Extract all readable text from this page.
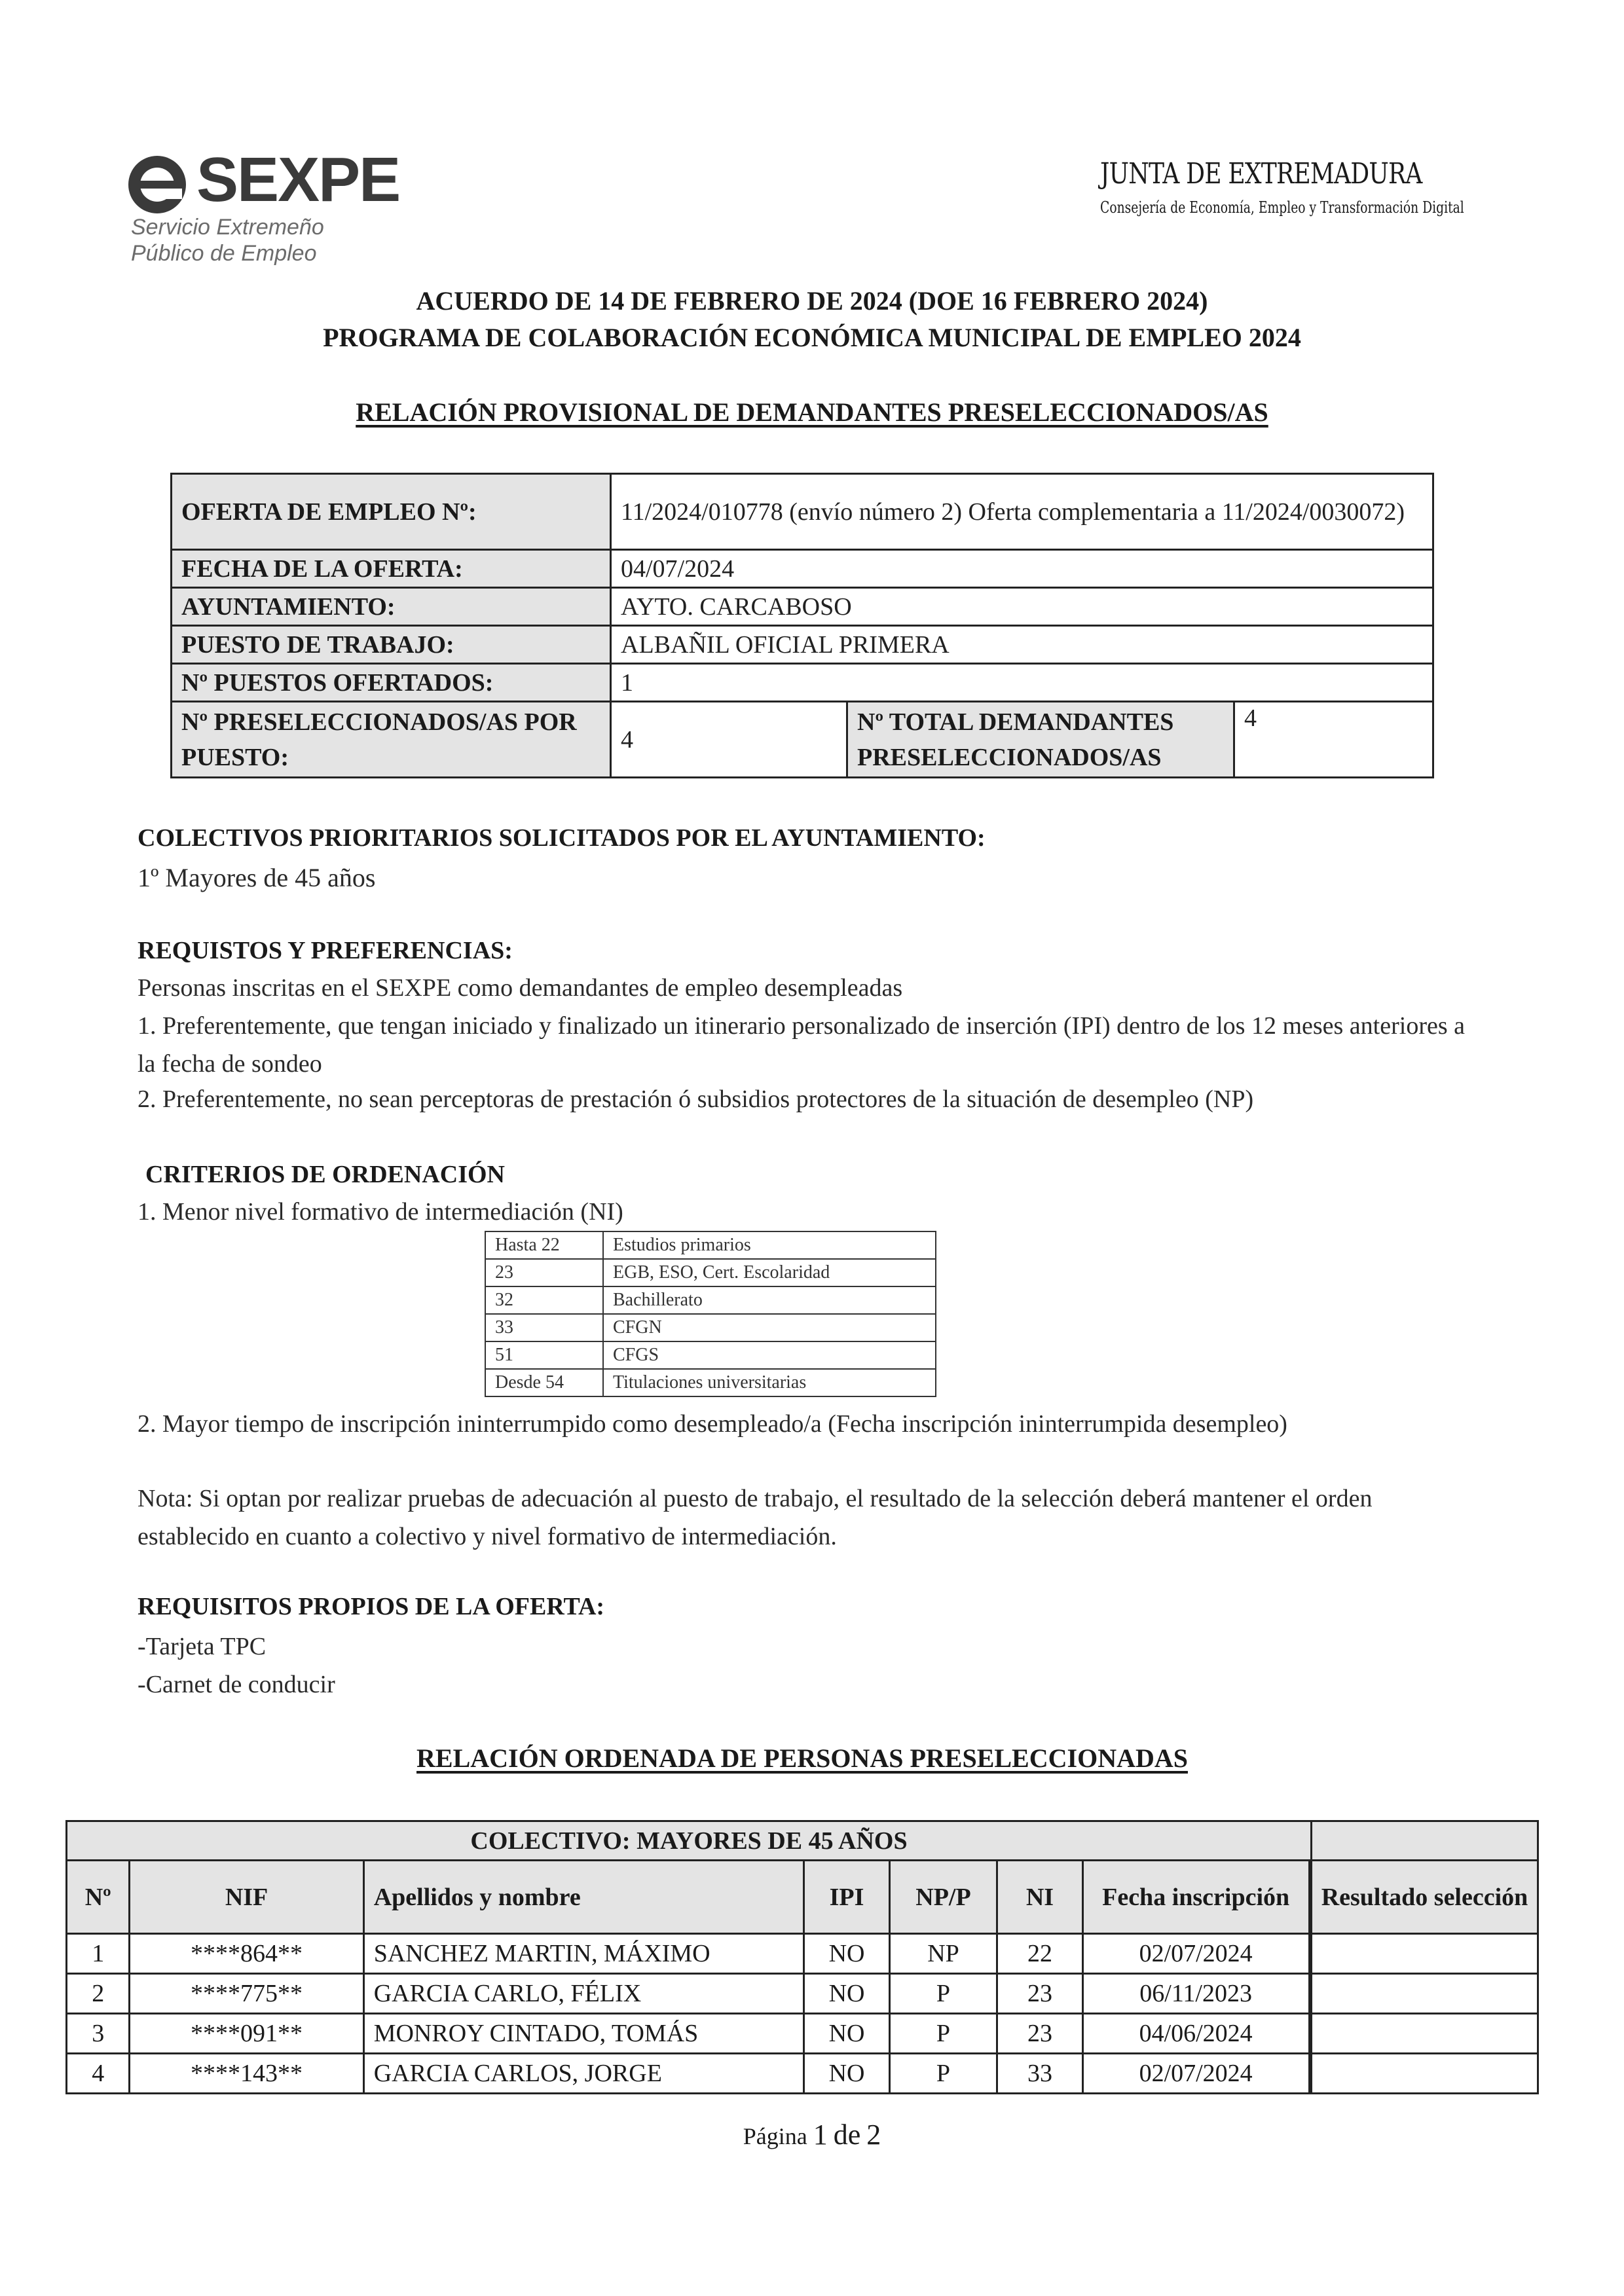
SEXPE
Servicio Extremeño
Público de Empleo
JUNTA DE EXTREMADURA
Consejería de Economía, Empleo y Transformación Digital
ACUERDO DE 14 DE FEBRERO DE 2024 (DOE 16 FEBRERO 2024)
PROGRAMA DE COLABORACIÓN ECONÓMICA MUNICIPAL DE EMPLEO 2024
RELACIÓN PROVISIONAL DE DEMANDANTES PRESELECCIONADOS/AS
OFERTA DE EMPLEO Nº:	11/2024/010778 (envío número 2) Oferta complementaria a 11/2024/0030072)		
FECHA DE LA OFERTA:	04/07/2024		
AYUNTAMIENTO:	AYTO. CARCABOSO		
PUESTO DE TRABAJO:	ALBAÑIL OFICIAL PRIMERA		
Nº PUESTOS OFERTADOS:	1		
Nº PRESELECCIONADOS/AS POR PUESTO:	4	Nº TOTAL DEMANDANTES PRESELECCIONADOS/AS	4
COLECTIVOS PRIORITARIOS SOLICITADOS POR EL AYUNTAMIENTO:
1º Mayores de 45 años
REQUISTOS Y PREFERENCIAS:
Personas inscritas en el SEXPE como demandantes de empleo desempleadas
1. Preferentemente, que tengan iniciado y finalizado un itinerario personalizado de inserción (IPI) dentro de los 12 meses anteriores a la fecha de sondeo
2. Preferentemente, no sean perceptoras de prestación ó subsidios protectores de la situación de desempleo (NP)
CRITERIOS DE ORDENACIÓN
1. Menor nivel formativo de intermediación (NI)
Hasta 22	Estudios primarios
23	EGB, ESO, Cert. Escolaridad
32	Bachillerato
33	CFGN
51	CFGS
Desde 54	Titulaciones universitarias
2. Mayor tiempo de inscripción ininterrumpido como desempleado/a (Fecha inscripción ininterrumpida desempleo)
Nota: Si optan por realizar pruebas de adecuación al puesto de trabajo, el resultado de la selección deberá mantener el orden establecido en cuanto a colectivo y nivel formativo de intermediación.
REQUISITOS PROPIOS DE LA OFERTA:
-Tarjeta TPC
-Carnet de conducir
RELACIÓN ORDENADA DE PERSONAS PRESELECCIONADAS
COLECTIVO: MAYORES DE 45 AÑOS								
Nº	NIF	Apellidos y nombre	IPI	NP/P	NI	Fecha inscripción		Resultado selección
1	****864**	SANCHEZ MARTIN, MÁXIMO	NO	NP	22	02/07/2024		
2	****775**	GARCIA CARLO, FÉLIX	NO	P	23	06/11/2023		
3	****091**	MONROY CINTADO, TOMÁS	NO	P	23	04/06/2024		
4	****143**	GARCIA CARLOS, JORGE	NO	P	33	02/07/2024		
Página 1 de 2
